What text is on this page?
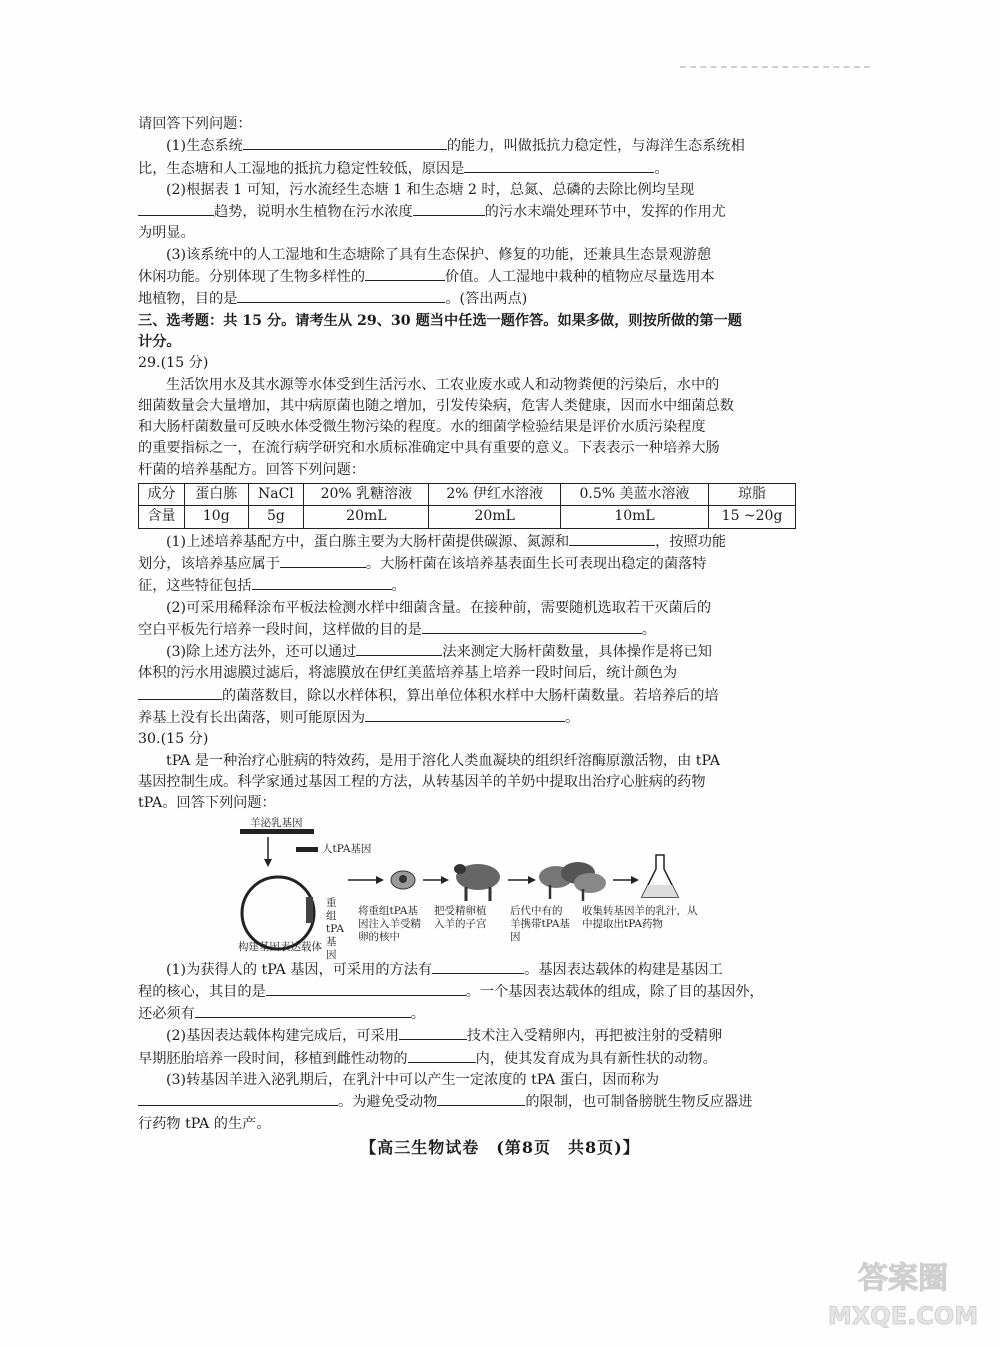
请回答下列问题：
(1)生态系统	的能力，叫做抵抗力稳定性，与海洋生态系统相
比，生态塘和人工湿地的抵抗力稳定性较低，原因是	。
(2)根据表 1 可知，污水流经生态塘 1 和生态塘 2 时，总氮、总磷的去除比例均呈现
趋势，说明水生植物在污水浓度	的污水末端处理环节中，发挥的作用尤
为明显。
(3)该系统中的人工湿地和生态塘除了具有生态保护、修复的功能，还兼具生态景观游憩
休闲功能。分别体现了生物多样性的	价值。人工湿地中栽种的植物应尽量选用本
地植物，目的是	。(答出两点)
三、选考题：共 15 分。请考生从 29、30 题当中任选一题作答。如果多做，则按所做的第一题
计分。
29.(15 分)
生活饮用水及其水源等水体受到生活污水、工农业废水或人和动物粪便的污染后，水中的
细菌数量会大量增加，其中病原菌也随之增加，引发传染病，危害人类健康，因而水中细菌总数
和大肠杆菌数量可反映水体受微生物污染的程度。水的细菌学检验结果是评价水质污染程度
的重要指标之一，在流行病学研究和水质标准确定中具有重要的意义。下表表示一种培养大肠
杆菌的培养基配方。回答下列问题：
成分	蛋白胨	NaCl	20% 乳糖溶液	2% 伊红水溶液	0.5% 美蓝水溶液	琼脂
含量	10g	5g	20mL	20mL	10mL	15 ~20g
(1)上述培养基配方中，蛋白胨主要为大肠杆菌提供碳源、氮源和	，按照功能
划分，该培养基应属于	。大肠杆菌在该培养基表面生长可表现出稳定的菌落特
征，这些特征包括	。
(2)可采用稀释涂布平板法检测水样中细菌含量。在接种前，需要随机选取若干灭菌后的
空白平板先行培养一段时间，这样做的目的是	。
(3)除上述方法外，还可以通过	法来测定大肠杆菌数量，具体操作是将已知
体积的污水用滤膜过滤后，将滤膜放在伊红美蓝培养基上培养一段时间后，统计颜色为
的菌落数目，除以水样体积，算出单位体积水样中大肠杆菌数量。若培养后的培
养基上没有长出菌落，则可能原因为	。
30.(15 分)
tPA 是一种治疗心脏病的特效药，是用于溶化人类血凝块的组织纤溶酶原激活物，由 tPA
基因控制生成。科学家通过基因工程的方法，从转基因羊的羊奶中提取出治疗心脏病的药物
tPA。回答下列问题：
羊泌乳基因
人tPA基因
重组tPA基因
构建基因表达载体
将重组tPA基因注入羊受精卵的核中
把受精卵植入羊的子宫
后代中有的羊携带tPA基因
收集转基因羊的乳汁，从中提取出tPA药物
(1)为获得人的 tPA 基因，可采用的方法有	。基因表达载体的构建是基因工
程的核心，其目的是	。一个基因表达载体的组成，除了目的基因外，
还必须有	。
(2)基因表达载体构建完成后，可采用	技术注入受精卵内，再把被注射的受精卵
早期胚胎培养一段时间，移植到雌性动物的	内，使其发育成为具有新性状的动物。
(3)转基因羊进入泌乳期后，在乳汁中可以产生一定浓度的 tPA 蛋白，因而称为
。为避免受动物	的限制，也可制备膀胱生物反应器进
行药物 tPA 的生产。
【高三生物试卷　(第8页　共8页)】
答案圈
MXQE.COM
